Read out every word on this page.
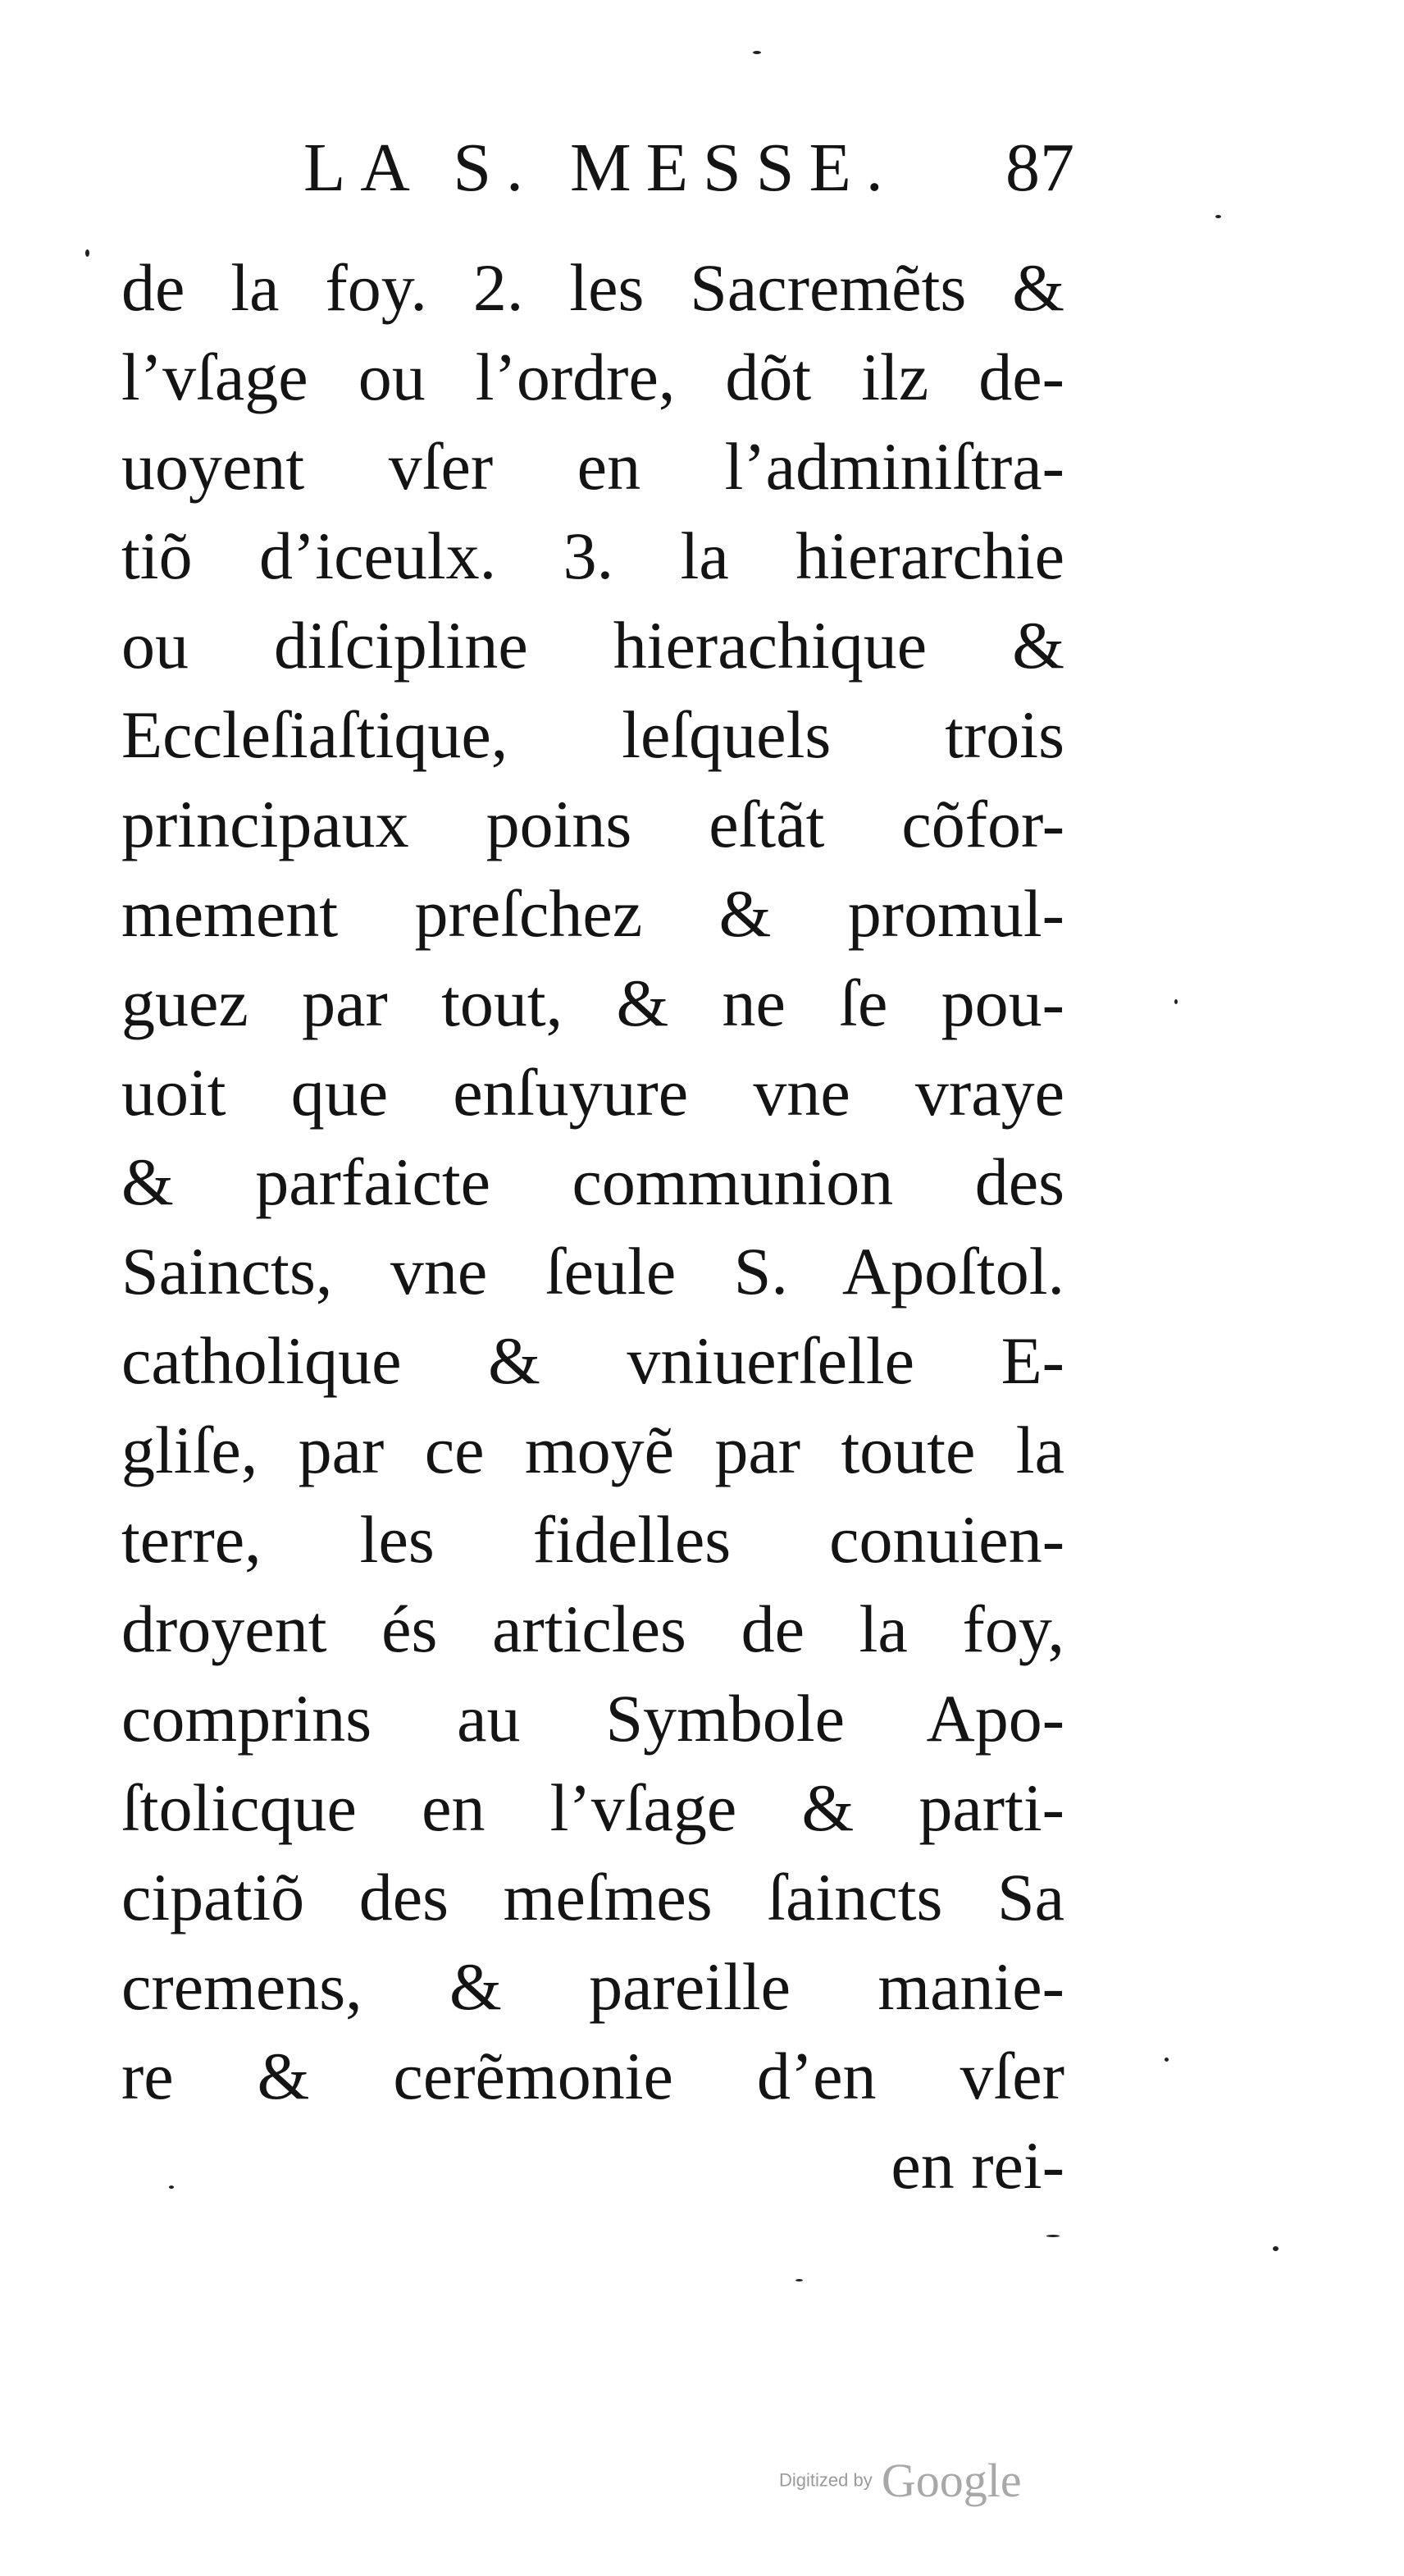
LA S. MESSE. 87
de la foy. 2. les Sacremẽts &
l’vſage ou l’ordre, dõt ilz de-
uoyent vſer en l’adminiſtra-
tiõ d’iceulx. 3. la hierarchie
ou diſcipline hierachique &
Eccleſiaſtique, leſquels trois
principaux poins eſtãt cõfor-
mement preſchez & promul-
guez par tout, & ne ſe pou-
uoit que enſuyure vne vraye
& parfaicte communion des
Saincts, vne ſeule S. Apoſtol.
catholique & vniuerſelle E-
gliſe, par ce moyẽ par toute la
terre, les fidelles conuien-
droyent és articles de la foy,
comprins au Symbole Apo-
ſtolicque en l’vſage & parti-
cipatiõ des meſmes ſaincts Sa
cremens, & pareille manie-
re & cerẽmonie d’en vſer
en rei-
Digitized by Google
